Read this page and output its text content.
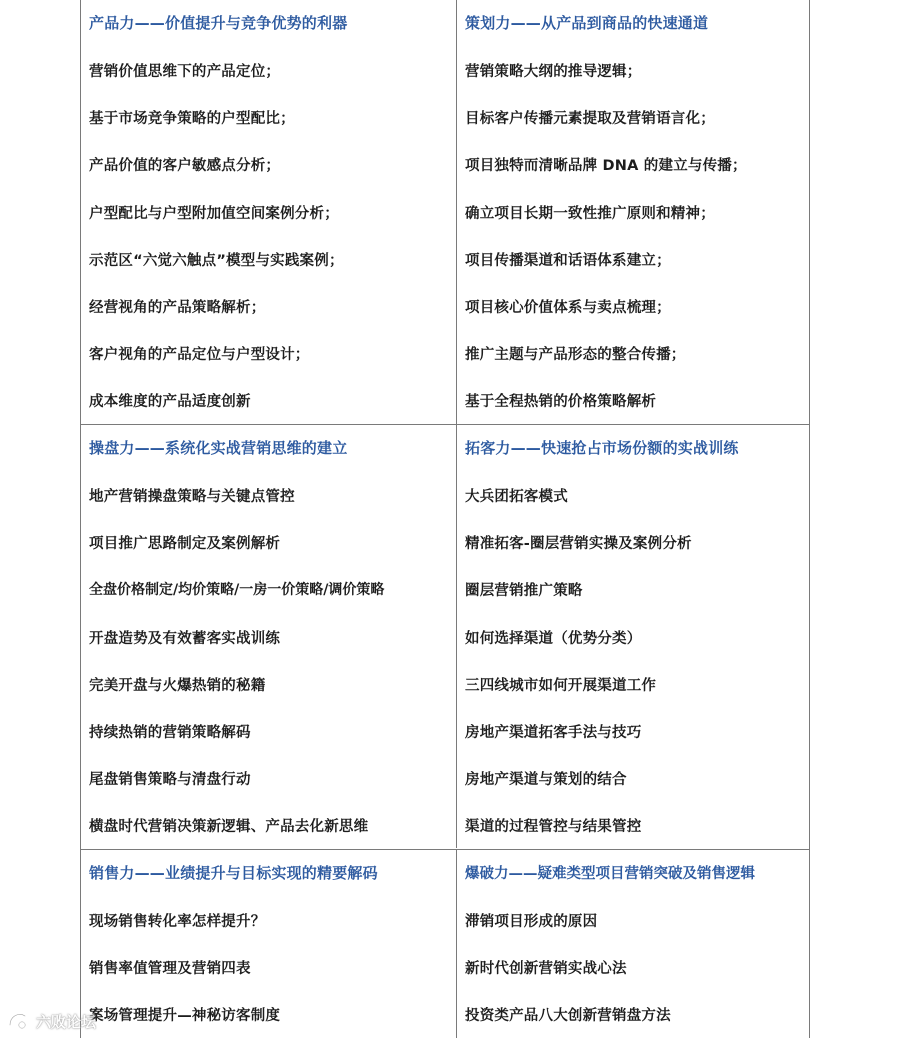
产品力——价值提升与竞争优势的利器
营销价值思维下的产品定位；
基于市场竞争策略的户型配比；
产品价值的客户敏感点分析；
户型配比与户型附加值空间案例分析；
示范区“六觉六触点”模型与实践案例；
经营视角的产品策略解析；
客户视角的产品定位与户型设计；
成本维度的产品适度创新
策划力——从产品到商品的快速通道
营销策略大纲的推导逻辑；
目标客户传播元素提取及营销语言化；
项目独特而清晰品牌 DNA 的建立与传播；
确立项目长期一致性推广原则和精神；
项目传播渠道和话语体系建立；
项目核心价值体系与卖点梳理；
推广主题与产品形态的整合传播；
基于全程热销的价格策略解析
操盘力——系统化实战营销思维的建立
地产营销操盘策略与关键点管控
项目推广思路制定及案例解析
全盘价格制定/均价策略/一房一价策略/调价策略
开盘造势及有效蓄客实战训练
完美开盘与火爆热销的秘籍
持续热销的营销策略解码
尾盘销售策略与清盘行动
横盘时代营销决策新逻辑、产品去化新思维
拓客力——快速抢占市场份额的实战训练
大兵团拓客模式
精准拓客-圈层营销实操及案例分析
圈层营销推广策略
如何选择渠道（优势分类）
三四线城市如何开展渠道工作
房地产渠道拓客手法与技巧
房地产渠道与策划的结合
渠道的过程管控与结果管控
销售力——业绩提升与目标实现的精要解码
现场销售转化率怎样提升？
销售率值管理及营销四表
案场管理提升—神秘访客制度
爆破力——疑难类型项目营销突破及销售逻辑
滞销项目形成的原因
新时代创新营销实战心法
投资类产品八大创新营销盘方法
六败论坛
